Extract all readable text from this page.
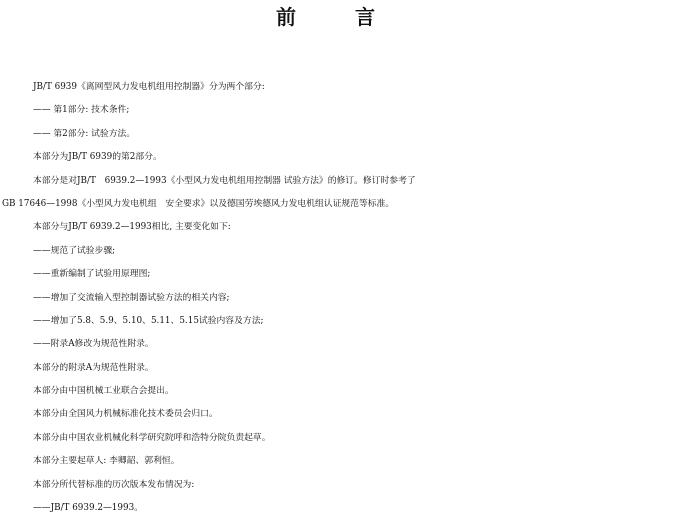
前 言
JB/T 6939《离网型风力发电机组用控制器》分为两个部分:
—— 第1部分: 技术条件;
—— 第2部分: 试验方法。
本部分为JB/T 6939的第2部分。
本部分是对JB/T　6939.2—1993《小型风力发电机组用控制器 试验方法》的修订。修订时参考了
GB 17646—1998《小型风力发电机组　安全要求》以及德国劳埃德风力发电机组认证规范等标准。
本部分与JB/T 6939.2—1993相比, 主要变化如下:
——规范了试验步骤;
——重新编制了试验用原理图;
——增加了交流输入型控制器试验方法的相关内容;
——增加了5.8、5.9、5.10、5.11、5.15试验内容及方法;
——附录A修改为规范性附录。
本部分的附录A为规范性附录。
本部分由中国机械工业联合会提出。
本部分由全国风力机械标准化技术委员会归口。
本部分由中国农业机械化科学研究院呼和浩特分院负责起草。
本部分主要起草人: 李卿韶、郭利恒。
本部分所代替标准的历次版本发布情况为:
——JB/T 6939.2—1993。
